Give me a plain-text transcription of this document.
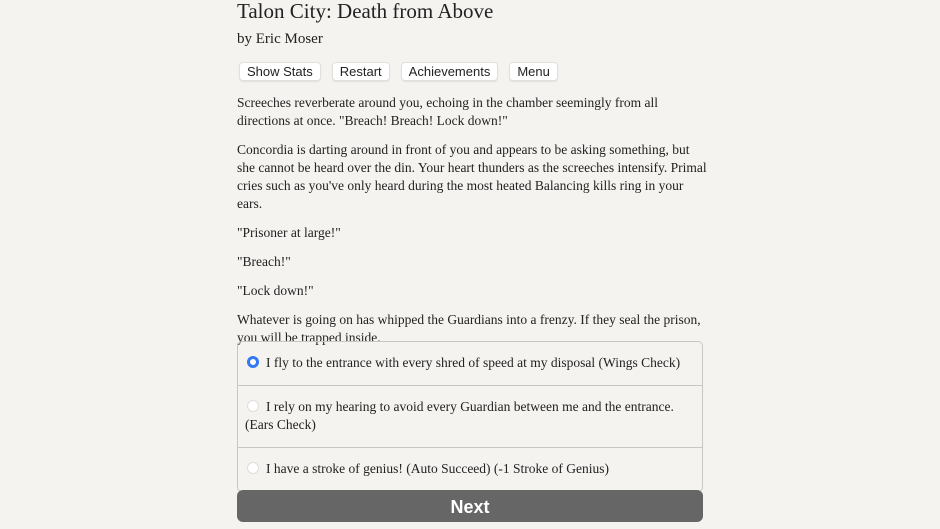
Talon City: Death from Above
by Eric Moser
Show Stats	Restart	Achievements	Menu

Screeches reverberate around you, echoing in the chamber seemingly from all directions at once. "Breach! Breach! Lock down!"

Concordia is darting around in front of you and appears to be asking something, but she cannot be heard over the din. Your heart thunders as the screeches intensify. Primal cries such as you've only heard during the most heated Balancing kills ring in your ears.

"Prisoner at large!"

"Breach!"

"Lock down!"

Whatever is going on has whipped the Guardians into a frenzy. If they seal the prison, you will be trapped inside.

I fly to the entrance with every shred of speed at my disposal (Wings Check)
I rely on my hearing to avoid every Guardian between me and the entrance. (Ears Check)
I have a stroke of genius! (Auto Succeed) (-1 Stroke of Genius)
Next
